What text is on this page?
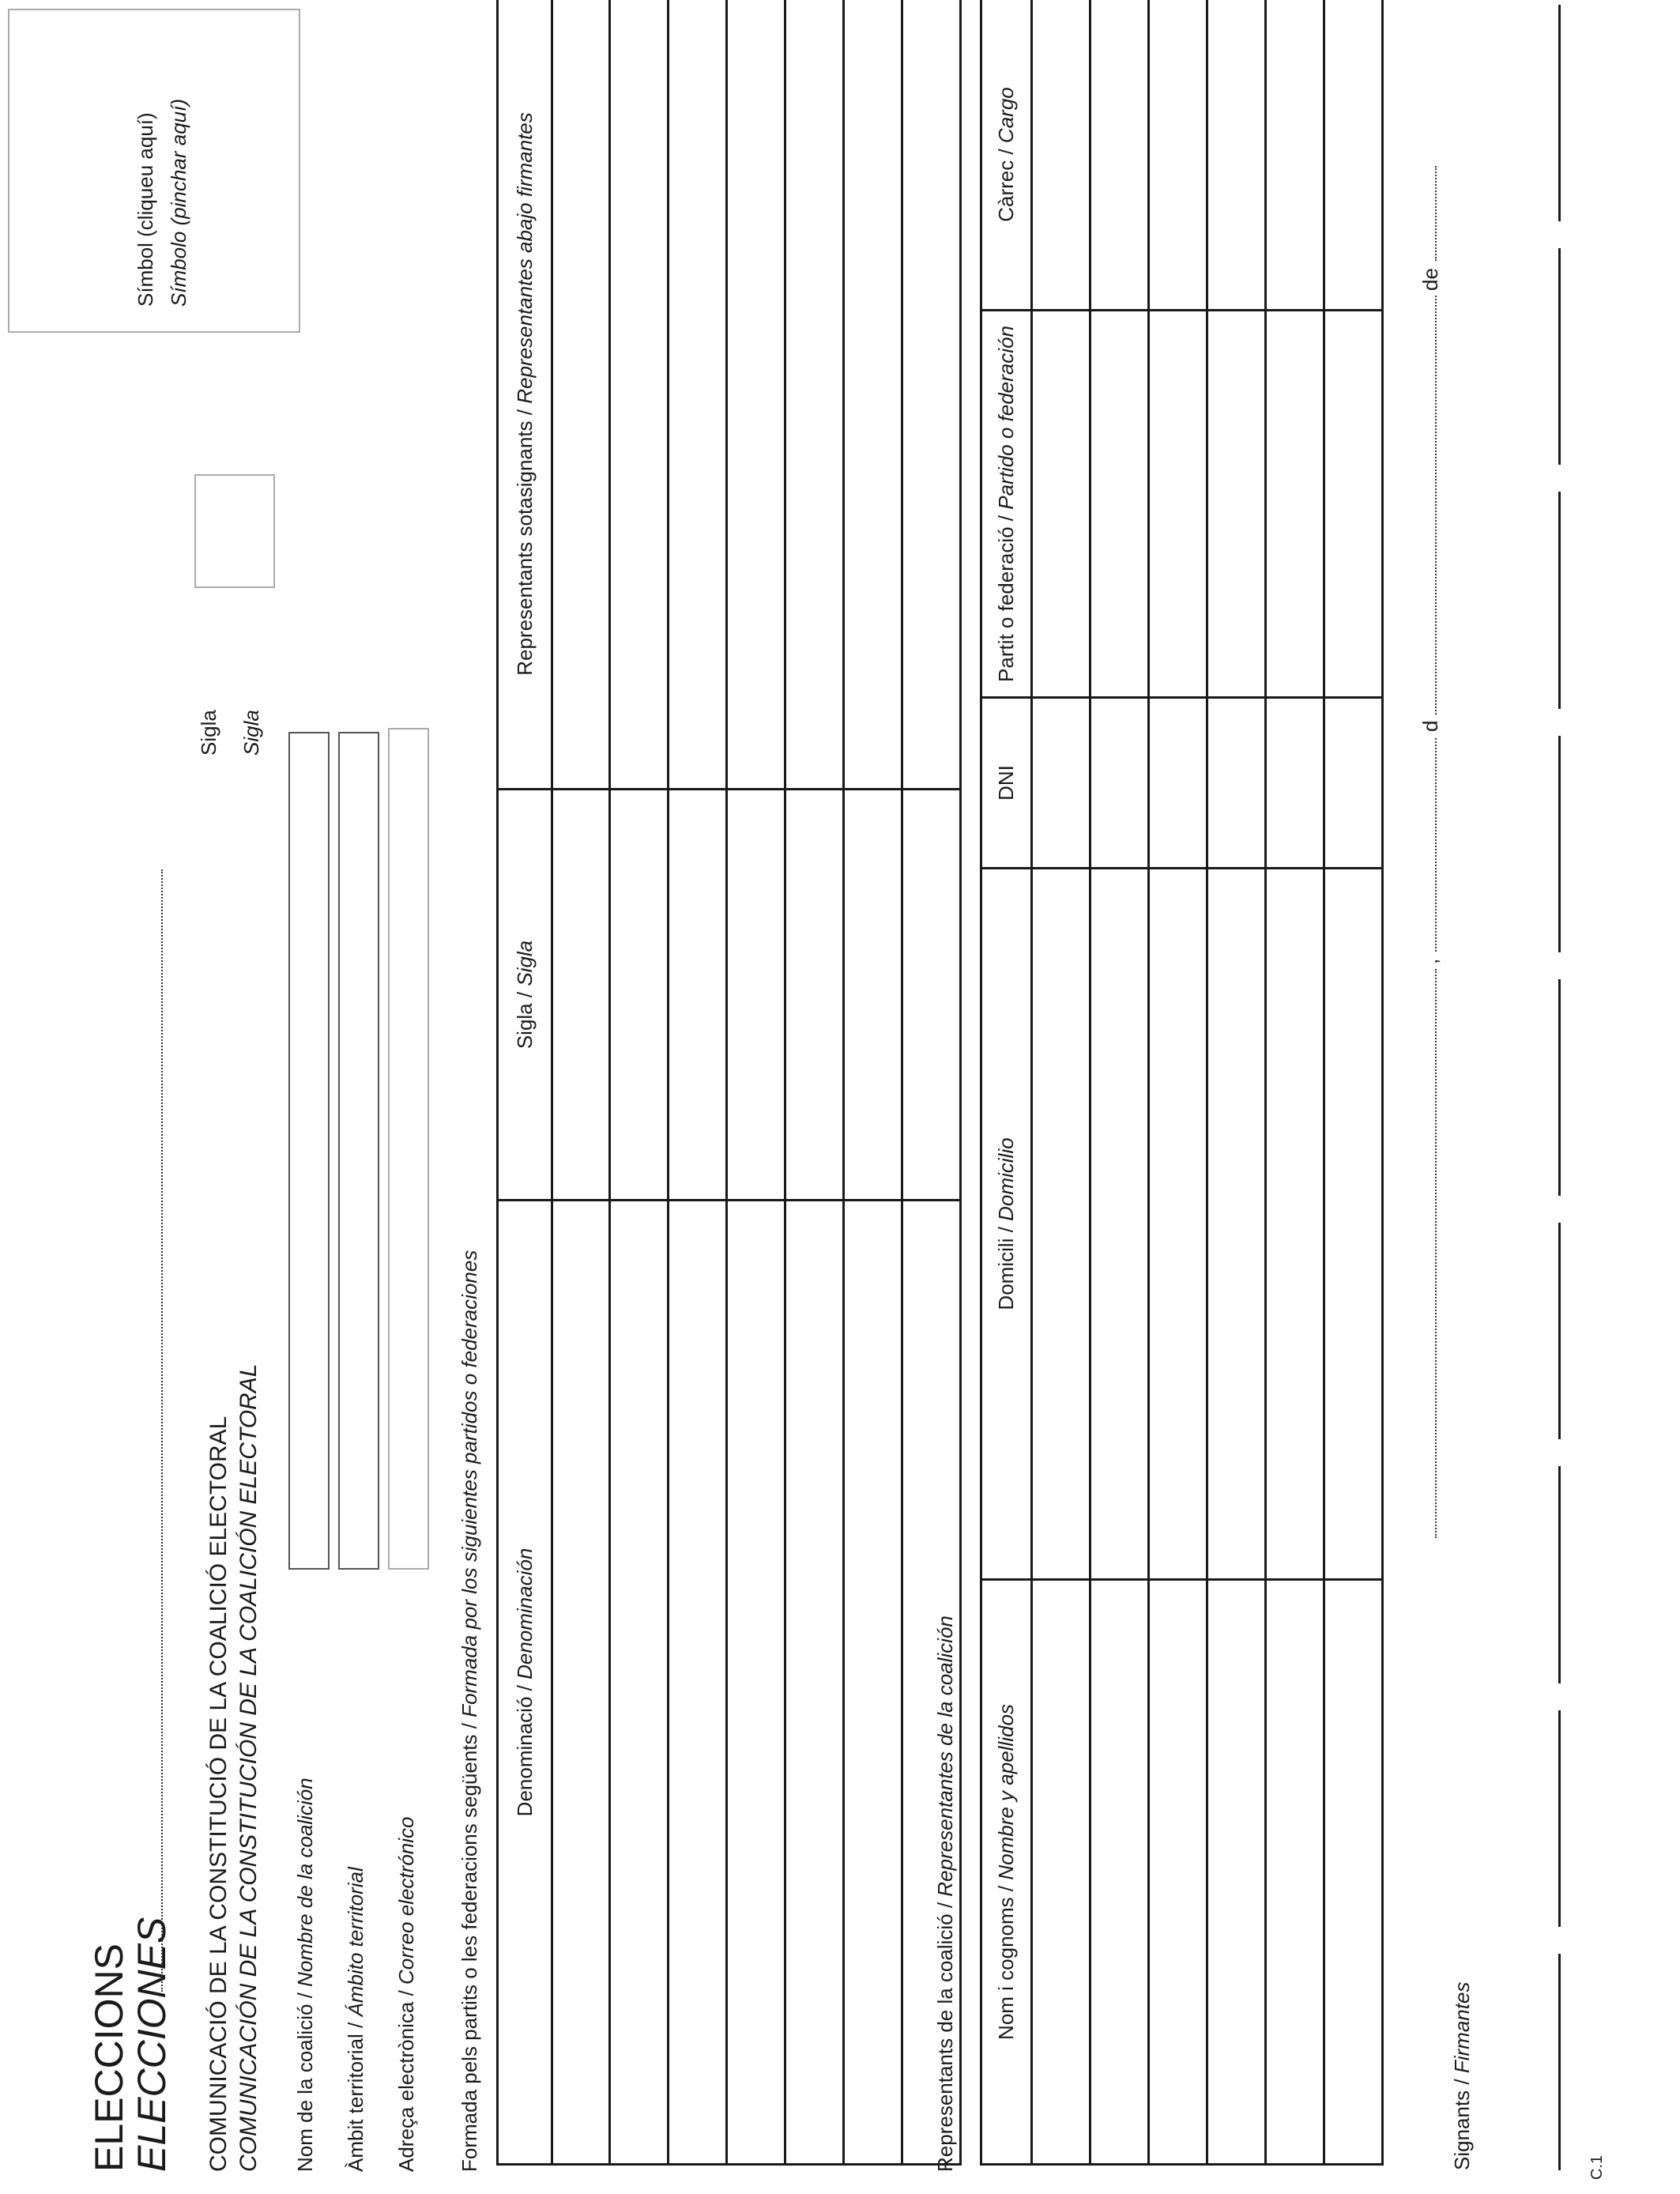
ELECCIONS
ELECCIONES COMUNICACIÓ DE LA CONSTITUCIÓ DE LA COALICIÓ ELECTORAL COMUNICACIÓN DE LA CONSTITUCIÓN DE LA COALICIÓN ELECTORAL
Sigla Sigla
Símbol (cliqueu aquí) Símbolo (pinchar aquí)
Nom de la coalició / Nombre de la coalición
Àmbit territorial / Ámbito territorial
Adreça electrònica / Correo electrónico Formada pels partits o les federacions següents / Formada por los siguientes partidos o federaciones
Denominació / Denominación	Sigla / Sigla	Representants sotasignants / Representantes abajo firmantes

Representants de la coalició / Representantes de la coalición
Nom i cognoms / Nombre y apellidos	Domicili / Domicilio	DNI	Partit o federació / Partido o federación	Càrrec / Cargo

,
d
de
Signants / Firmantes
C.1
